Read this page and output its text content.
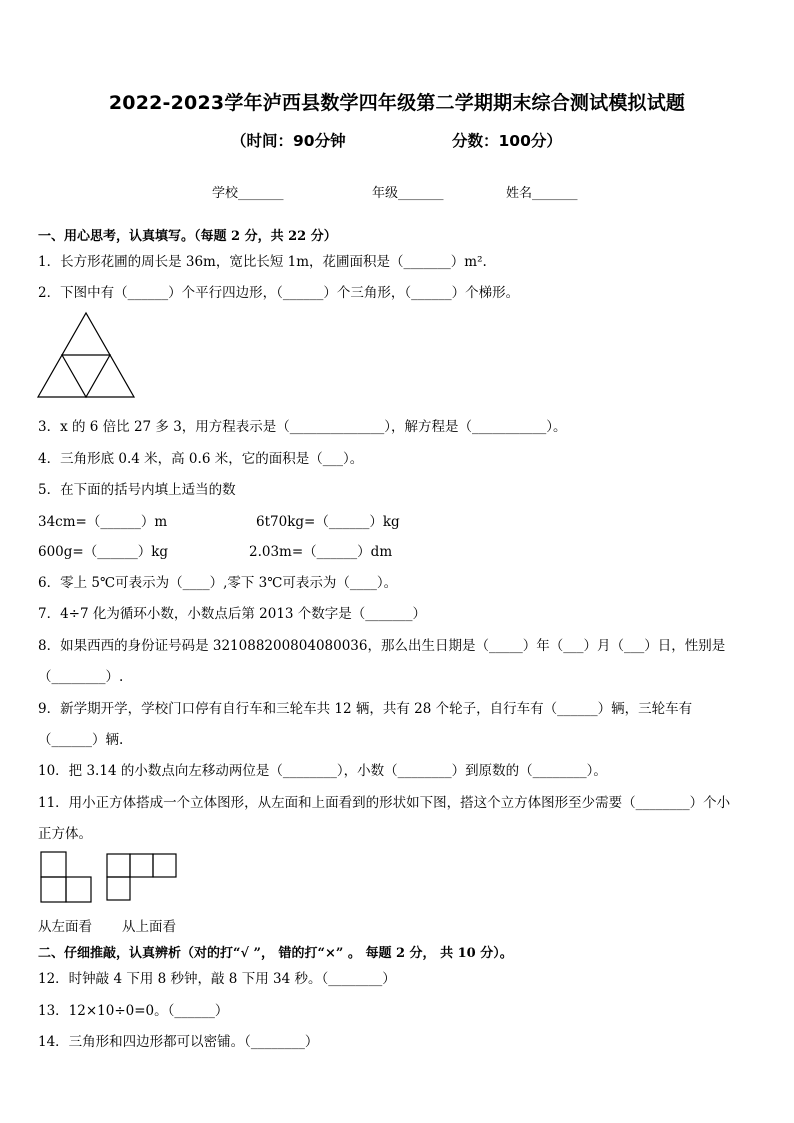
2022-2023学年泸西县数学四年级第二学期期末综合测试模拟试题
（时间：90分钟	分数：100分）
学校_______	年级_______	姓名_______
一、用心思考，认真填写。（每题 2 分，共 22 分）
1．长方形花圃的周长是 36m，宽比长短 1m，花圃面积是（_______）m².
2．下图中有（______）个平行四边形，（______）个三角形，（______）个梯形。
3．x 的 6 倍比 27 多 3，用方程表示是（______________），解方程是（___________）。
4．三角形底 0.4 米，高 0.6 米，它的面积是（___）。
5．在下面的括号内填上适当的数
34cm=（______）m	6t70kg=（______）kg
600g=（______）kg	2.03m=（______）dm
6．零上 5℃可表示为（____）,零下 3℃可表示为（____）。
7．4÷7 化为循环小数，小数点后第 2013 个数字是（_______）
8．如果西西的身份证号码是 321088200804080036，那么出生日期是（_____）年（___）月（___）日，性别是
（________）.
9．新学期开学，学校门口停有自行车和三轮车共 12 辆，共有 28 个轮子，自行车有（______）辆，三轮车有
（______）辆.
10．把 3.14 的小数点向左移动两位是（________），小数（________）到原数的（________）。
11．用小正方体搭成一个立体图形，从左面和上面看到的形状如下图，搭这个立方体图形至少需要（________）个小
正方体。
从左面看 从上面看
二、仔细推敲，认真辨析（对的打“√ ”， 错的打“×” 。 每题 2 分， 共 10 分）。
12．时钟敲 4 下用 8 秒钟，敲 8 下用 34 秒。（________）
13．12×10÷0=0。（______）
14．三角形和四边形都可以密铺。（________）
